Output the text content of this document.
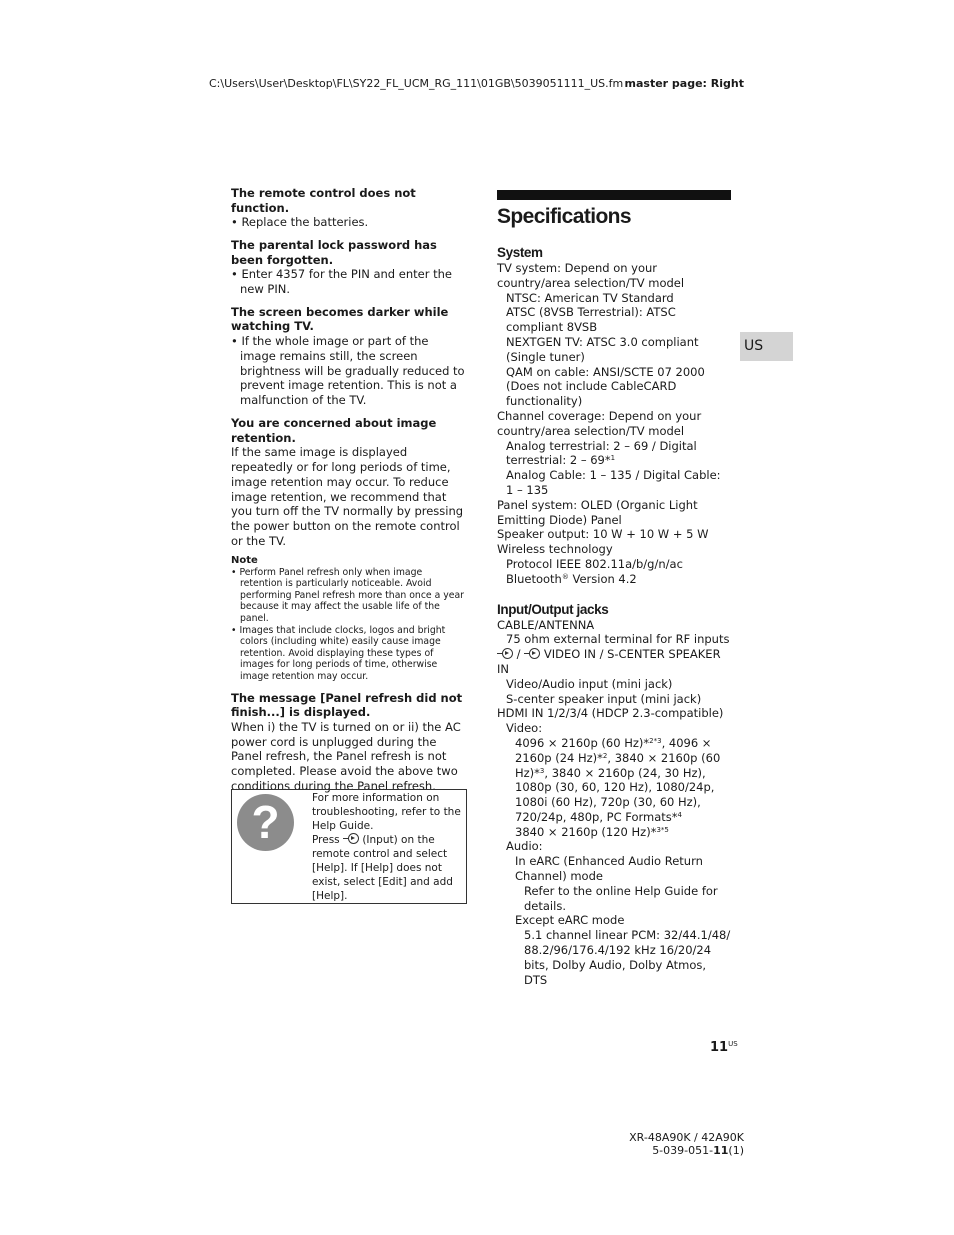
C:\Users\User\Desktop\FL\SY22_FL_UCM_RG_111\01GB\5039051111_US.fm master page: Right
The remote control does not function.
• Replace the batteries.
The parental lock password has been forgotten.
• Enter 4357 for the PIN and enter the new PIN.
The screen becomes darker while watching TV.
• If the whole image or part of the image remains still, the screen brightness will be gradually reduced to prevent image retention. This is not a malfunction of the TV.
You are concerned about image retention.
If the same image is displayed repeatedly or for long periods of time, image retention may occur. To reduce image retention, we recommend that you turn off the TV normally by pressing the power button on the remote control or the TV.
Note
• Perform Panel refresh only when image retention is particularly noticeable. Avoid performing Panel refresh more than once a year because it may affect the usable life of the panel.
• Images that include clocks, logos and bright colors (including white) easily cause image retention. Avoid displaying these types of images for long periods of time, otherwise image retention may occur.
The message [Panel refresh did not finish...] is displayed.
When i) the TV is turned on or ii) the AC power cord is unplugged during the Panel refresh, the Panel refresh is not completed. Please avoid the above two conditions during the Panel refresh.
?	For more information on troubleshooting, refer to the Help Guide.
Press (Input) on the remote control and select [Help]. If [Help] does not exist, select [Edit] and add [Help].
US
Specifications
System
TV system: Depend on your country/area selection/TV model
NTSC: American TV Standard
ATSC (8VSB Terrestrial): ATSC compliant 8VSB
NEXTGEN TV: ATSC 3.0 compliant (Single tuner)
QAM on cable: ANSI/SCTE 07 2000 (Does not include CableCARD functionality)
Channel coverage: Depend on your country/area selection/TV model
Analog terrestrial: 2 – 69 / Digital terrestrial: 2 – 69*$^1$
Analog Cable: 1 – 135 / Digital Cable: 1 – 135
Panel system: OLED (Organic Light Emitting Diode) Panel
Speaker output: 10 W + 10 W + 5 W
Wireless technology
Protocol IEEE 802.11a/b/g/n/ac
Bluetooth® Version 4.2
Input/Output jacks
CABLE/ANTENNA
75 ohm external terminal for RF inputs
/ VIDEO IN / S-CENTER SPEAKER IN
Video/Audio input (mini jack)
S-center speaker input (mini jack)
HDMI IN 1/2/3/4 (HDCP 2.3-compatible)
Video:
4096 × 2160p (60 Hz)*$^{2*3}$, 4096 × 2160p (24 Hz)*$^2$, 3840 × 2160p (60 Hz)*$^3$, 3840 × 2160p (24, 30 Hz), 1080p (30, 60, 120 Hz), 1080/24p, 1080i (60 Hz), 720p (30, 60 Hz), 720/24p, 480p, PC Formats*$^4$
3840 × 2160p (120 Hz)*$^{3*5}$
Audio:
In eARC (Enhanced Audio Return Channel) mode
Refer to the online Help Guide for details.
Except eARC mode
5.1 channel linear PCM: 32/44.1/48/ 88.2/96/176.4/192 kHz 16/20/24 bits, Dolby Audio, Dolby Atmos, DTS
$11^{US}$
XR-48A90K / 42A90K
5-039-051-11(1)
